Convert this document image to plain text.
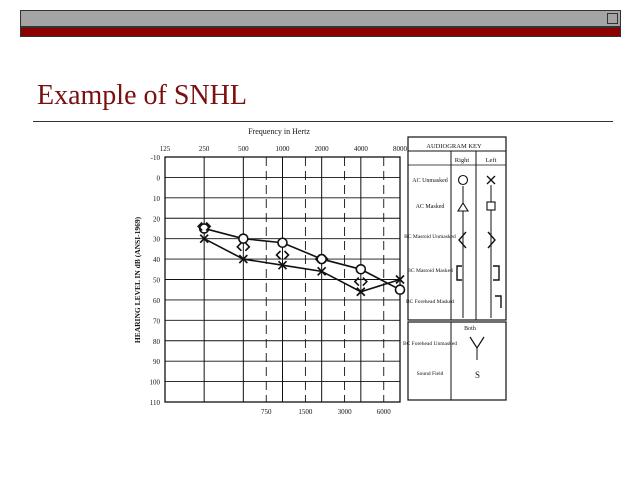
Example of SNHL
Frequency in Hertz
HEARING LEVEL IN dB (ANSI-1969)
-10
0
10
20
30
40
50
60
70
80
90
100
110
125	250	500	1000	2000	4000	8000
750	1500	3000	6000
AUDIOGRAM KEY
Right	Left
AC Unmasked
AC Masked
BC Mastoid Unmasked
BC Mastoid Masked
BC Forehead Masked
Both
BC Forehead Unmasked
Sound Field	S
